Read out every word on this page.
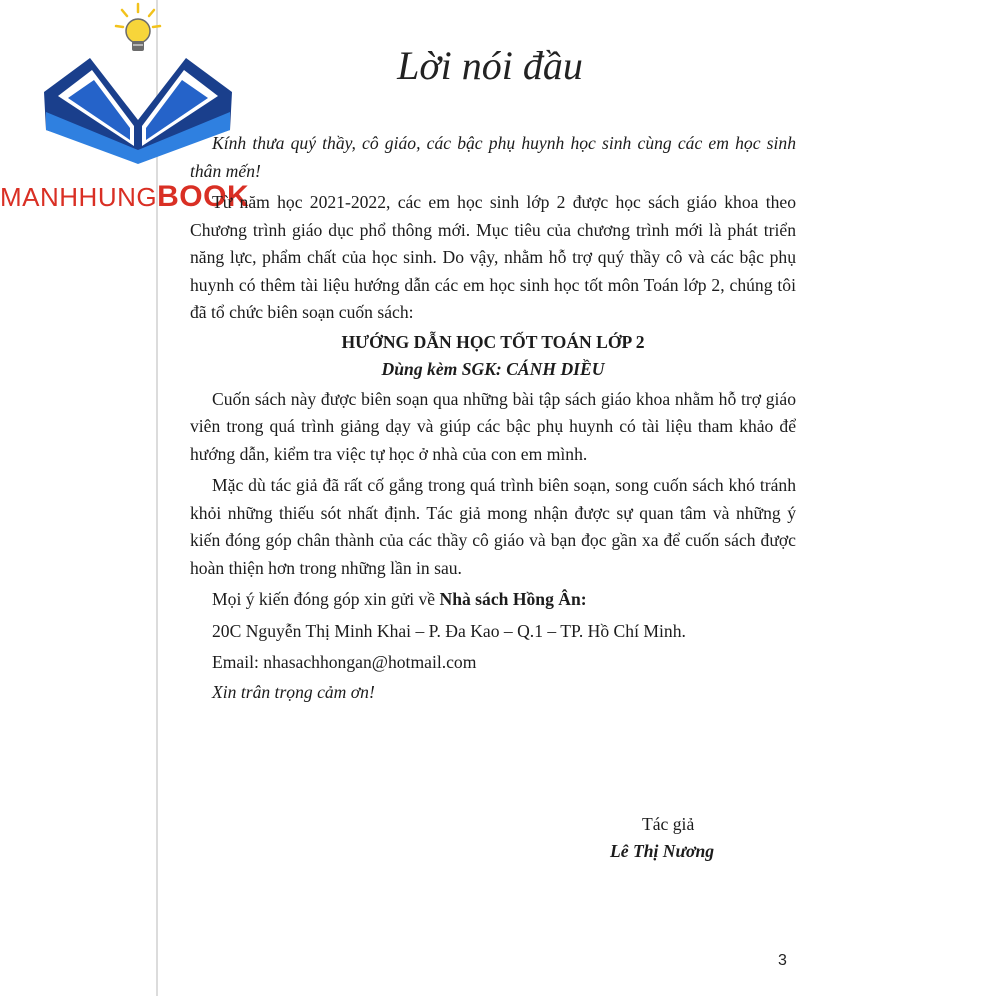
MANHHUNGBOOK
Lời nói đầu

Kính thưa quý thầy, cô giáo, các bậc phụ huynh học sinh cùng các em học sinh thân mến!

Từ năm học 2021-2022, các em học sinh lớp 2 được học sách giáo khoa theo Chương trình giáo dục phổ thông mới. Mục tiêu của chương trình mới là phát triển năng lực, phẩm chất của học sinh. Do vậy, nhằm hỗ trợ quý thầy cô và các bậc phụ huynh có thêm tài liệu hướng dẫn các em học sinh học tốt môn Toán lớp 2, chúng tôi đã tổ chức biên soạn cuốn sách:

HƯỚNG DẪN HỌC TỐT TOÁN LỚP 2

Dùng kèm SGK: CÁNH DIỀU

Cuốn sách này được biên soạn qua những bài tập sách giáo khoa nhằm hỗ trợ giáo viên trong quá trình giảng dạy và giúp các bậc phụ huynh có tài liệu tham khảo để hướng dẫn, kiểm tra việc tự học ở nhà của con em mình.

Mặc dù tác giả đã rất cố gắng trong quá trình biên soạn, song cuốn sách khó tránh khỏi những thiếu sót nhất định. Tác giả mong nhận được sự quan tâm và những ý kiến đóng góp chân thành của các thầy cô giáo và bạn đọc gần xa để cuốn sách được hoàn thiện hơn trong những lần in sau.

Mọi ý kiến đóng góp xin gửi về Nhà sách Hồng Ân:

20C Nguyễn Thị Minh Khai – P. Đa Kao – Q.1 – TP. Hồ Chí Minh.

Email: nhasachhongan@hotmail.com

Xin trân trọng cảm ơn!

Tác giả
Lê Thị Nương
3
